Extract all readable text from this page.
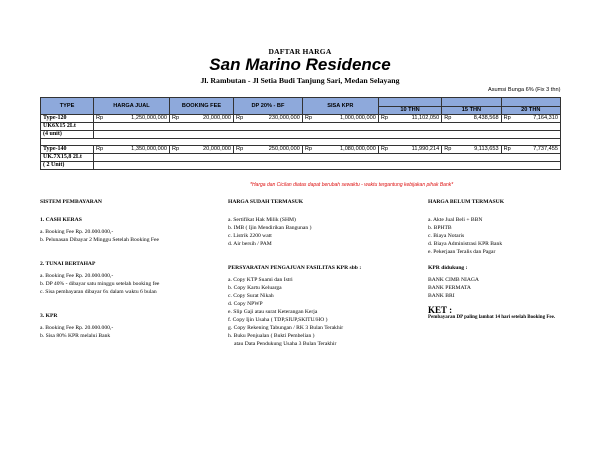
DAFTAR HARGA
San Marino Residence
Jl. Rambutan - Jl Setia Budi Tanjung Sari, Medan Selayang
Asumsi Bunga 6% (Fix 3 thn)
TYPE	HARGA JUAL		BOOKING FEE		DP 20% - BF		SISA KPR							
									10 THN		15 THN		20 THN	
Type-120	Rp	1,250,000,000	Rp	20,000,000	Rp	230,000,000	Rp	1,000,000,000	Rp	11,102,050	Rp	8,438,568	Rp	7,164,310
UK6X15 2Lt														
(4 unit)														

Type-140	Rp	1,350,000,000	Rp	20,000,000	Rp	250,000,000	Rp	1,080,000,000	Rp	11,990,214	Rp	9,113,653	Rp	7,737,455
UK.7X15,8 2Lt														
( 2 Unit)														
*Harga dan Cicilan diatas dapat berubah sewaktu - waktu tergantung kebijakan pihak Bank*
SISTEM PEMBAYARAN
1. CASH KERAS
a. Booking Fee Rp. 20.000.000,-
b. Pelunasan Dibayar 2 Minggu Setelah Booking Fee
2. TUNAI BERTAHAP
a. Booking Fee Rp. 20.000.000,-
b. DP 40% - dibayar satu minggu setelah booking fee
c. Sisa pembayaran dibayar 6x dalam waktu 6 bulan
3. KPR
a. Booking Fee Rp. 20.000.000,-
b. Sisa 80% KPR melalui Bank
HARGA SUDAH TERMASUK
a. Sertifikat Hak Milik (SHM)
b. IMB ( Ijin Mendirikan Bangunan )
c. Listrik 2200 watt
d. Air bersih / PAM
PERSYARATAN PENGAJUAN FASILITAS KPR sbb :
a. Copy KTP Suami dan Istri
b. Copy Kartu Keluarga
c. Copy Surat Nikah
d. Copy NPWP
e. Slip Gaji atau surat Keterangan Kerja
f. Copy Ijin Usaha ( TDP,SIUP,SKITU/HO )
g. Copy Rekening Tabungan / RK 3 Bulan Terakhir
h. Buku Penjualan ( Bukti Pembelian )
atau Data Pendukung Usaha 3 Bulan Terakhir
HARGA BELUM TERMASUK
a. Akte Jual Beli + BBN
b. BPHTB
c. Biaya Notaris
d. Biaya Administrasi KPR Bank
e. Pekerjaan Teralis dan Pagar
KPR didukung :
BANK CIMB NIAGA
BANK PERMATA
BANK BRI
KET :
Pembayaran DP paling lambat 14 hari setelah Booking Fee.
